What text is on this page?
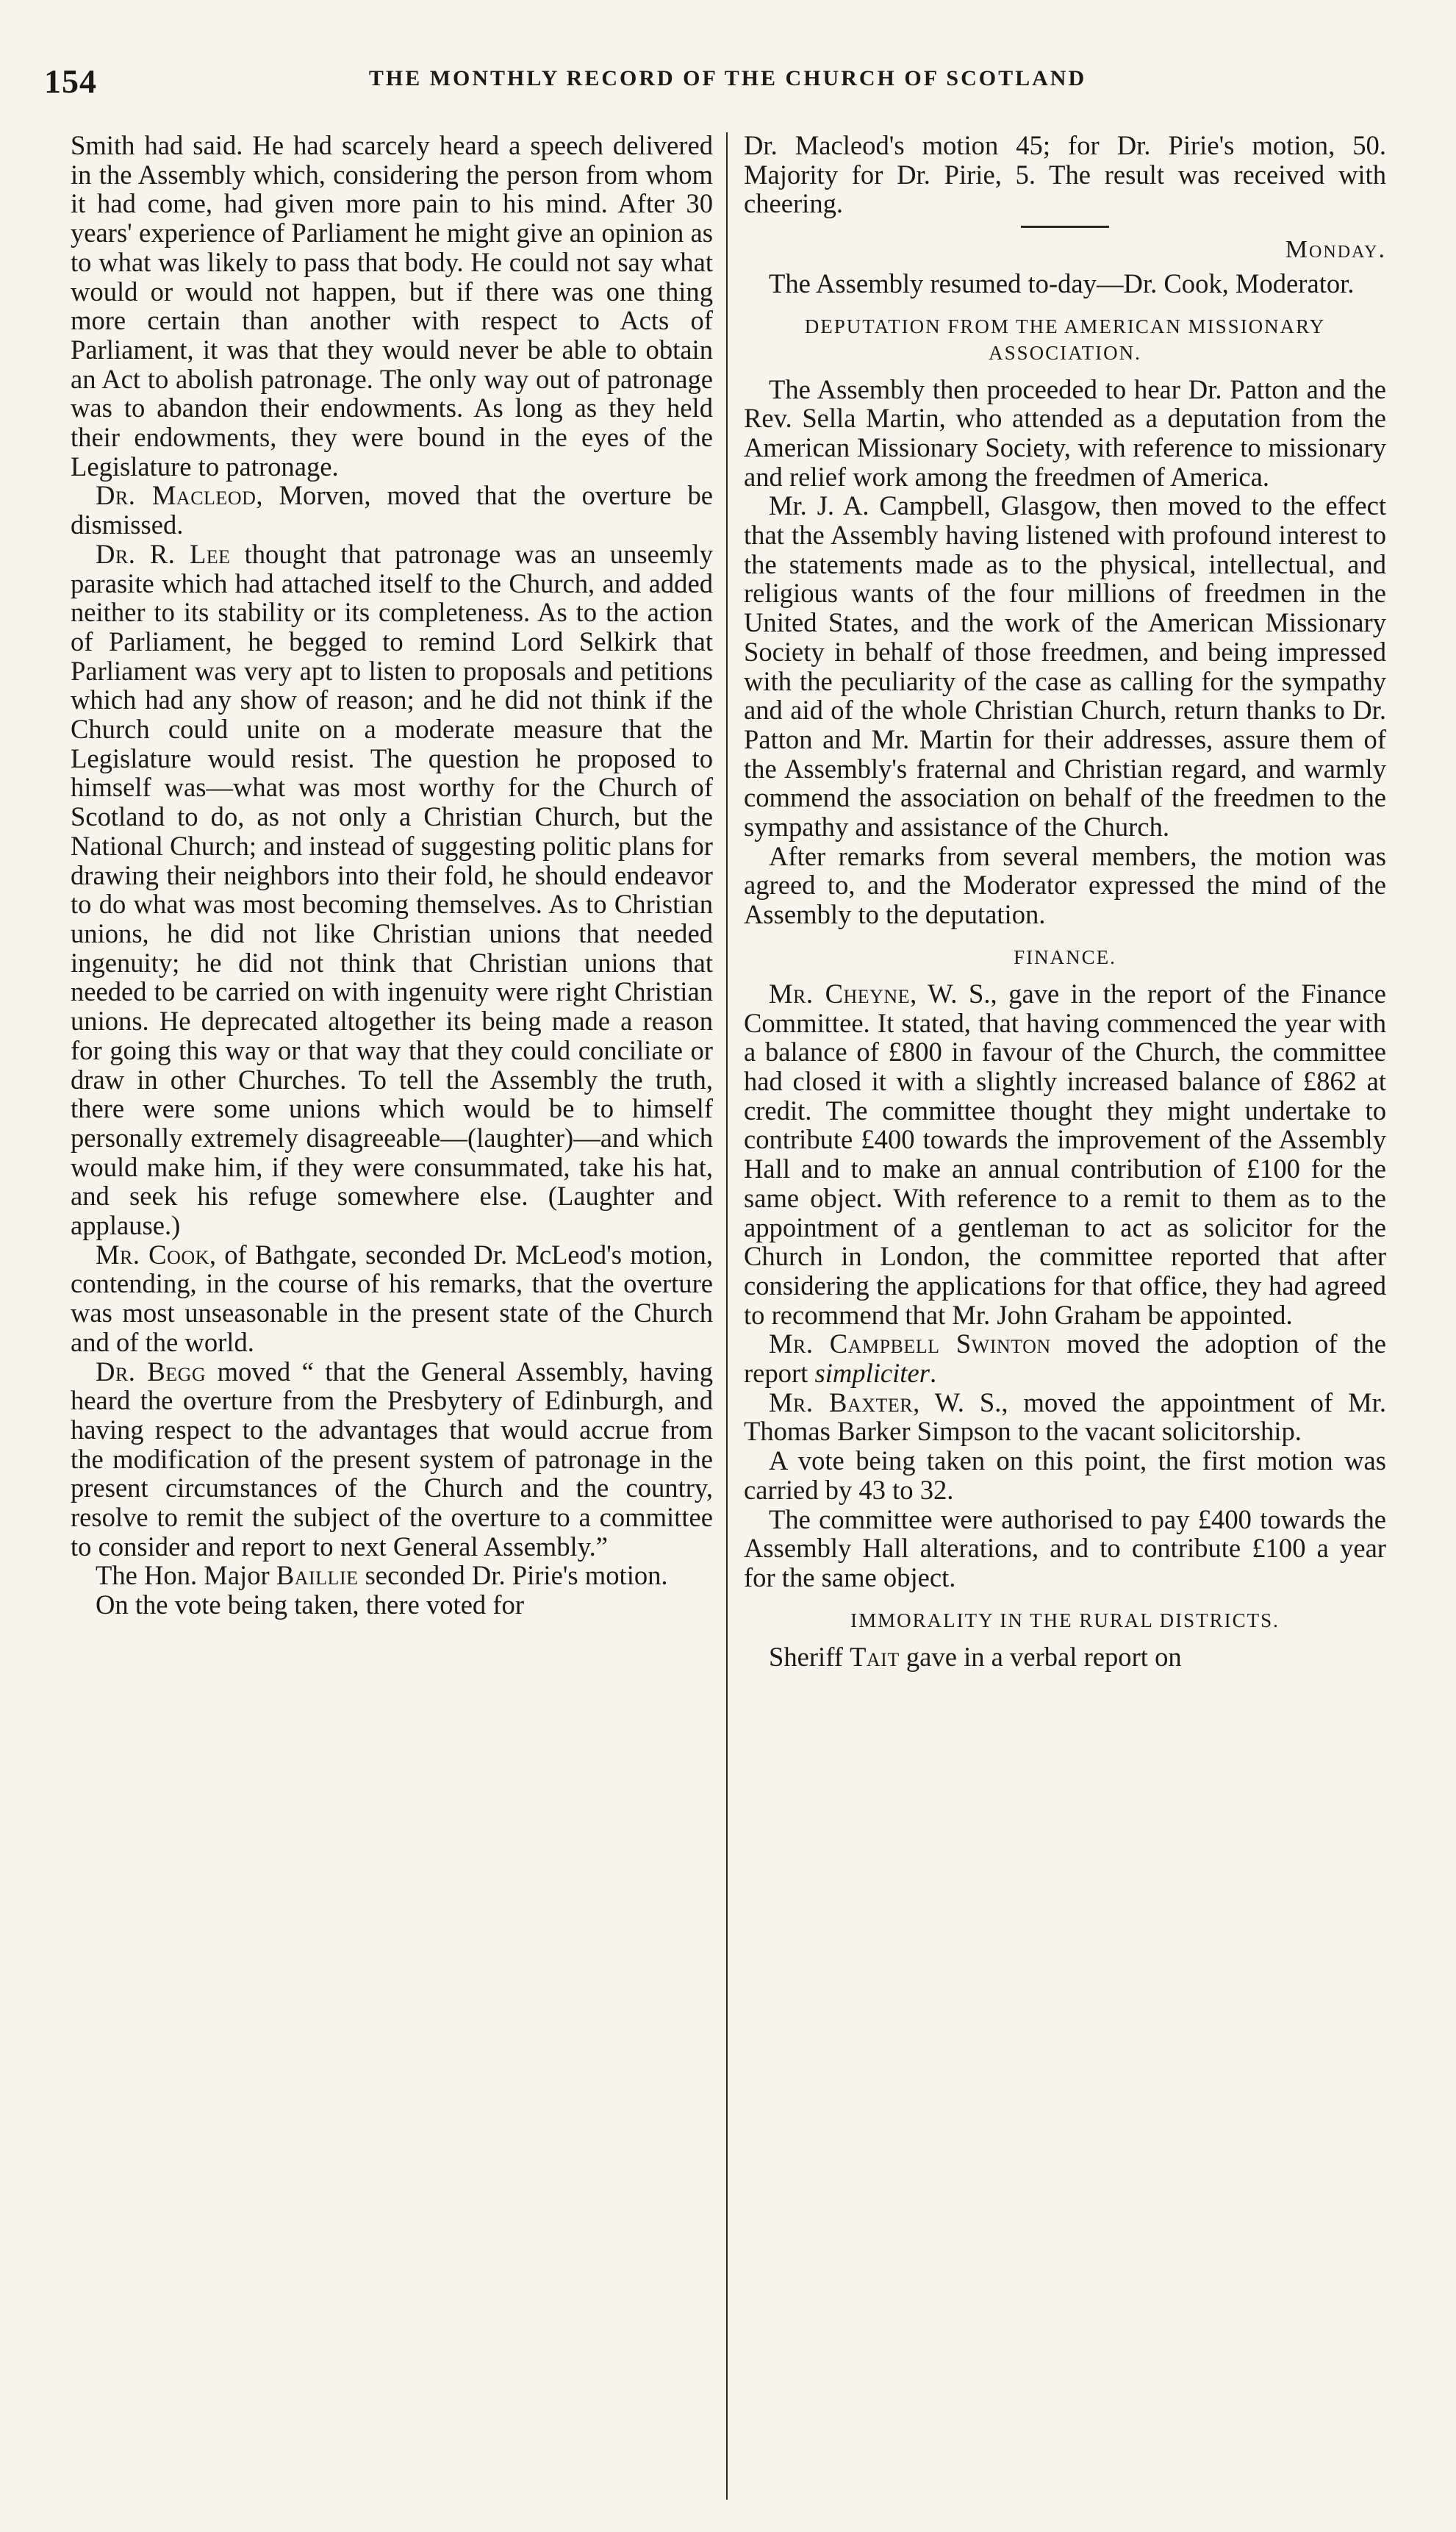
154	THE MONTHLY RECORD OF THE CHURCH OF SCOTLAND

Smith had said. He had scarcely heard a speech delivered in the Assembly which, considering the person from whom it had come, had given more pain to his mind. After 30 years' experience of Parliament he might give an opinion as to what was likely to pass that body. He could not say what would or would not happen, but if there was one thing more certain than another with respect to Acts of Parliament, it was that they would never be able to obtain an Act to abolish patronage. The only way out of patronage was to abandon their endowments. As long as they held their endowments, they were bound in the eyes of the Legislature to patronage.

Dr. Macleod, Morven, moved that the overture be dismissed.

Dr. R. Lee thought that patronage was an unseemly parasite which had attached itself to the Church, and added neither to its stability or its completeness. As to the action of Parliament, he begged to remind Lord Selkirk that Parliament was very apt to listen to proposals and petitions which had any show of reason; and he did not think if the Church could unite on a moderate measure that the Legislature would resist. The question he proposed to himself was—what was most worthy for the Church of Scotland to do, as not only a Christian Church, but the National Church; and instead of suggesting politic plans for drawing their neighbors into their fold, he should endeavor to do what was most becoming themselves. As to Christian unions, he did not like Christian unions that needed ingenuity; he did not think that Christian unions that needed to be carried on with ingenuity were right Christian unions. He deprecated altogether its being made a reason for going this way or that way that they could conciliate or draw in other Churches. To tell the Assembly the truth, there were some unions which would be to himself personally extremely disagreeable—(laughter)—and which would make him, if they were consummated, take his hat, and seek his refuge somewhere else. (Laughter and applause.)

Mr. Cook, of Bathgate, seconded Dr. McLeod's motion, contending, in the course of his remarks, that the overture was most unseasonable in the present state of the Church and of the world.

Dr. Begg moved “ that the General Assembly, having heard the overture from the Presbytery of Edinburgh, and having respect to the advantages that would accrue from the modification of the present system of patronage in the present circumstances of the Church and the country, resolve to remit the subject of the overture to a committee to consider and report to next General Assembly.”

The Hon. Major Baillie seconded Dr. Pirie's motion.

On the vote being taken, there voted for

Dr. Macleod's motion 45; for Dr. Pirie's motion, 50. Majority for Dr. Pirie, 5. The result was received with cheering.

Monday.

The Assembly resumed to-day—Dr. Cook, Moderator.

DEPUTATION FROM THE AMERICAN MISSIONARY ASSOCIATION.

The Assembly then proceeded to hear Dr. Patton and the Rev. Sella Martin, who attended as a deputation from the American Missionary Society, with reference to missionary and relief work among the freedmen of America.

Mr. J. A. Campbell, Glasgow, then moved to the effect that the Assembly having listened with profound interest to the statements made as to the physical, intellectual, and religious wants of the four millions of freedmen in the United States, and the work of the American Missionary Society in behalf of those freedmen, and being impressed with the peculiarity of the case as calling for the sympathy and aid of the whole Christian Church, return thanks to Dr. Patton and Mr. Martin for their addresses, assure them of the Assembly's fraternal and Christian regard, and warmly commend the association on behalf of the freedmen to the sympathy and assistance of the Church.

After remarks from several members, the motion was agreed to, and the Moderator expressed the mind of the Assembly to the deputation.

FINANCE.

Mr. Cheyne, W. S., gave in the report of the Finance Committee. It stated, that having commenced the year with a balance of £800 in favour of the Church, the committee had closed it with a slightly increased balance of £862 at credit. The committee thought they might undertake to contribute £400 towards the improvement of the Assembly Hall and to make an annual contribution of £100 for the same object. With reference to a remit to them as to the appointment of a gentleman to act as solicitor for the Church in London, the committee reported that after considering the applications for that office, they had agreed to recommend that Mr. John Graham be appointed.

Mr. Campbell Swinton moved the adoption of the report simpliciter.

Mr. Baxter, W. S., moved the appointment of Mr. Thomas Barker Simpson to the vacant solicitorship.

A vote being taken on this point, the first motion was carried by 43 to 32.

The committee were authorised to pay £400 towards the Assembly Hall alterations, and to contribute £100 a year for the same object.

IMMORALITY IN THE RURAL DISTRICTS.

Sheriff Tait gave in a verbal report on
